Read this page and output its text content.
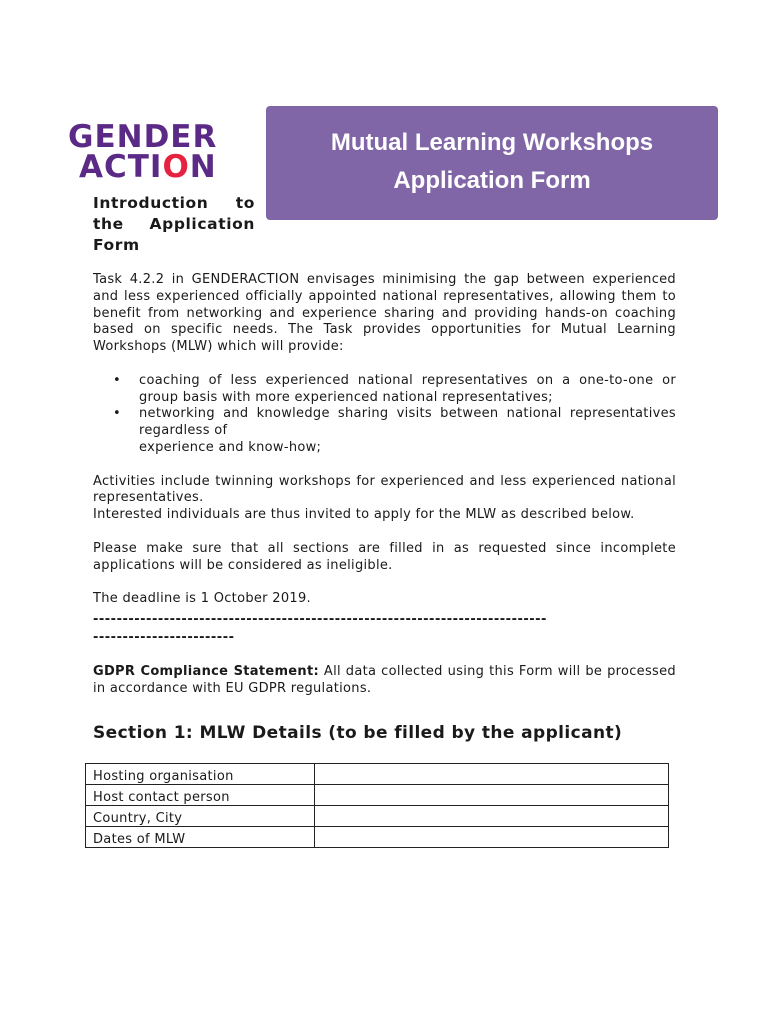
GENDER
ACTI O N
Mutual Learning Workshops
Application Form
Introduction to the Application Form

Task 4.2.2 in GENDERACTION envisages minimising the gap between experienced and less experienced officially appointed national representatives, allowing them to benefit from networking and experience sharing and providing hands-on coaching based on specific needs. The Task provides opportunities for Mutual Learning Workshops (MLW) which will provide:

• coaching of less experienced national representatives on a one-to-one or group basis with more experienced national representatives;
• networking and knowledge sharing visits between national representatives regardless of
experience and know-how;

Activities include twinning workshops for experienced and less experienced national representatives.

Interested individuals are thus invited to apply for the MLW as described below.

Please make sure that all sections are filled in as requested since incomplete applications will be considered as ineligible.

The deadline is 1 October 2019.

-----------------------------------------------------------------------------
------------------------

GDPR Compliance Statement: All data collected using this Form will be processed in accordance with EU GDPR regulations.

Section 1: MLW Details (to be filled by the applicant)
Hosting organisation	
Host contact person	
Country, City	
Dates of MLW	
